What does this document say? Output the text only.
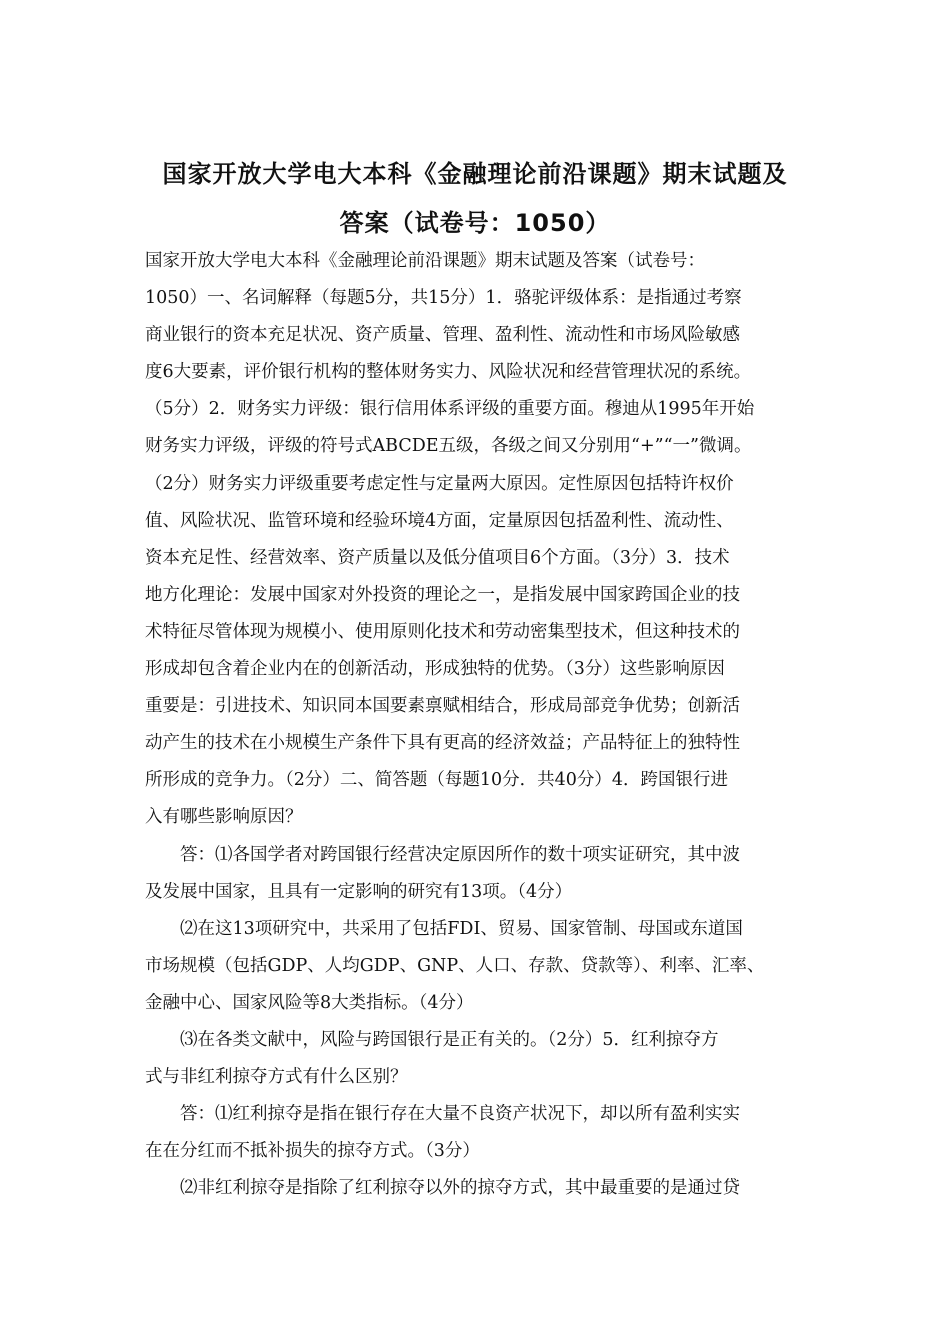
国家开放大学电大本科《金融理论前沿课题》期末试题及
答案（试卷号：1050）
国家开放大学电大本科《金融理论前沿课题》期末试题及答案（试卷号：
1050）一、名词解释（每题5分，共15分）1．骆驼评级体系：是指通过考察
商业银行的资本充足状况、资产质量、管理、盈利性、流动性和市场风险敏感
度6大要素，评价银行机构的整体财务实力、风险状况和经营管理状况的系统。
（5分）2．财务实力评级：银行信用体系评级的重要方面。穆迪从1995年开始
财务实力评级，评级的符号式ABCDE五级，各级之间又分别用“+”“一”微调。
（2分）财务实力评级重要考虑定性与定量两大原因。定性原因包括特许权价
值、风险状况、监管环境和经验环境4方面，定量原因包括盈利性、流动性、
资本充足性、经营效率、资产质量以及低分值项目6个方面。（3分）3．技术
地方化理论：发展中国家对外投资的理论之一，是指发展中国家跨国企业的技
术特征尽管体现为规模小、使用原则化技术和劳动密集型技术，但这种技术的
形成却包含着企业内在的创新活动，形成独特的优势。（3分）这些影响原因
重要是：引进技术、知识同本国要素禀赋相结合，形成局部竞争优势；创新活
动产生的技术在小规模生产条件下具有更高的经济效益；产品特征上的独特性
所形成的竞争力。（2分）二、简答题（每题10分．共40分）4．跨国银行进
入有哪些影响原因？
答：⑴各国学者对跨国银行经营决定原因所作的数十项实证研究，其中波
及发展中国家，且具有一定影响的研究有13项。（4分）
⑵在这13项研究中，共采用了包括FDI、贸易、国家管制、母国或东道国
市场规模（包括GDP、人均GDP、GNP、人口、存款、贷款等）、利率、汇率、
金融中心、国家风险等8大类指标。（4分）
⑶在各类文献中，风险与跨国银行是正有关的。（2分）5．红利掠夺方
式与非红利掠夺方式有什么区别？
答：⑴红利掠夺是指在银行存在大量不良资产状况下，却以所有盈利实实
在在分红而不抵补损失的掠夺方式。（3分）
⑵非红利掠夺是指除了红利掠夺以外的掠夺方式，其中最重要的是通过贷
